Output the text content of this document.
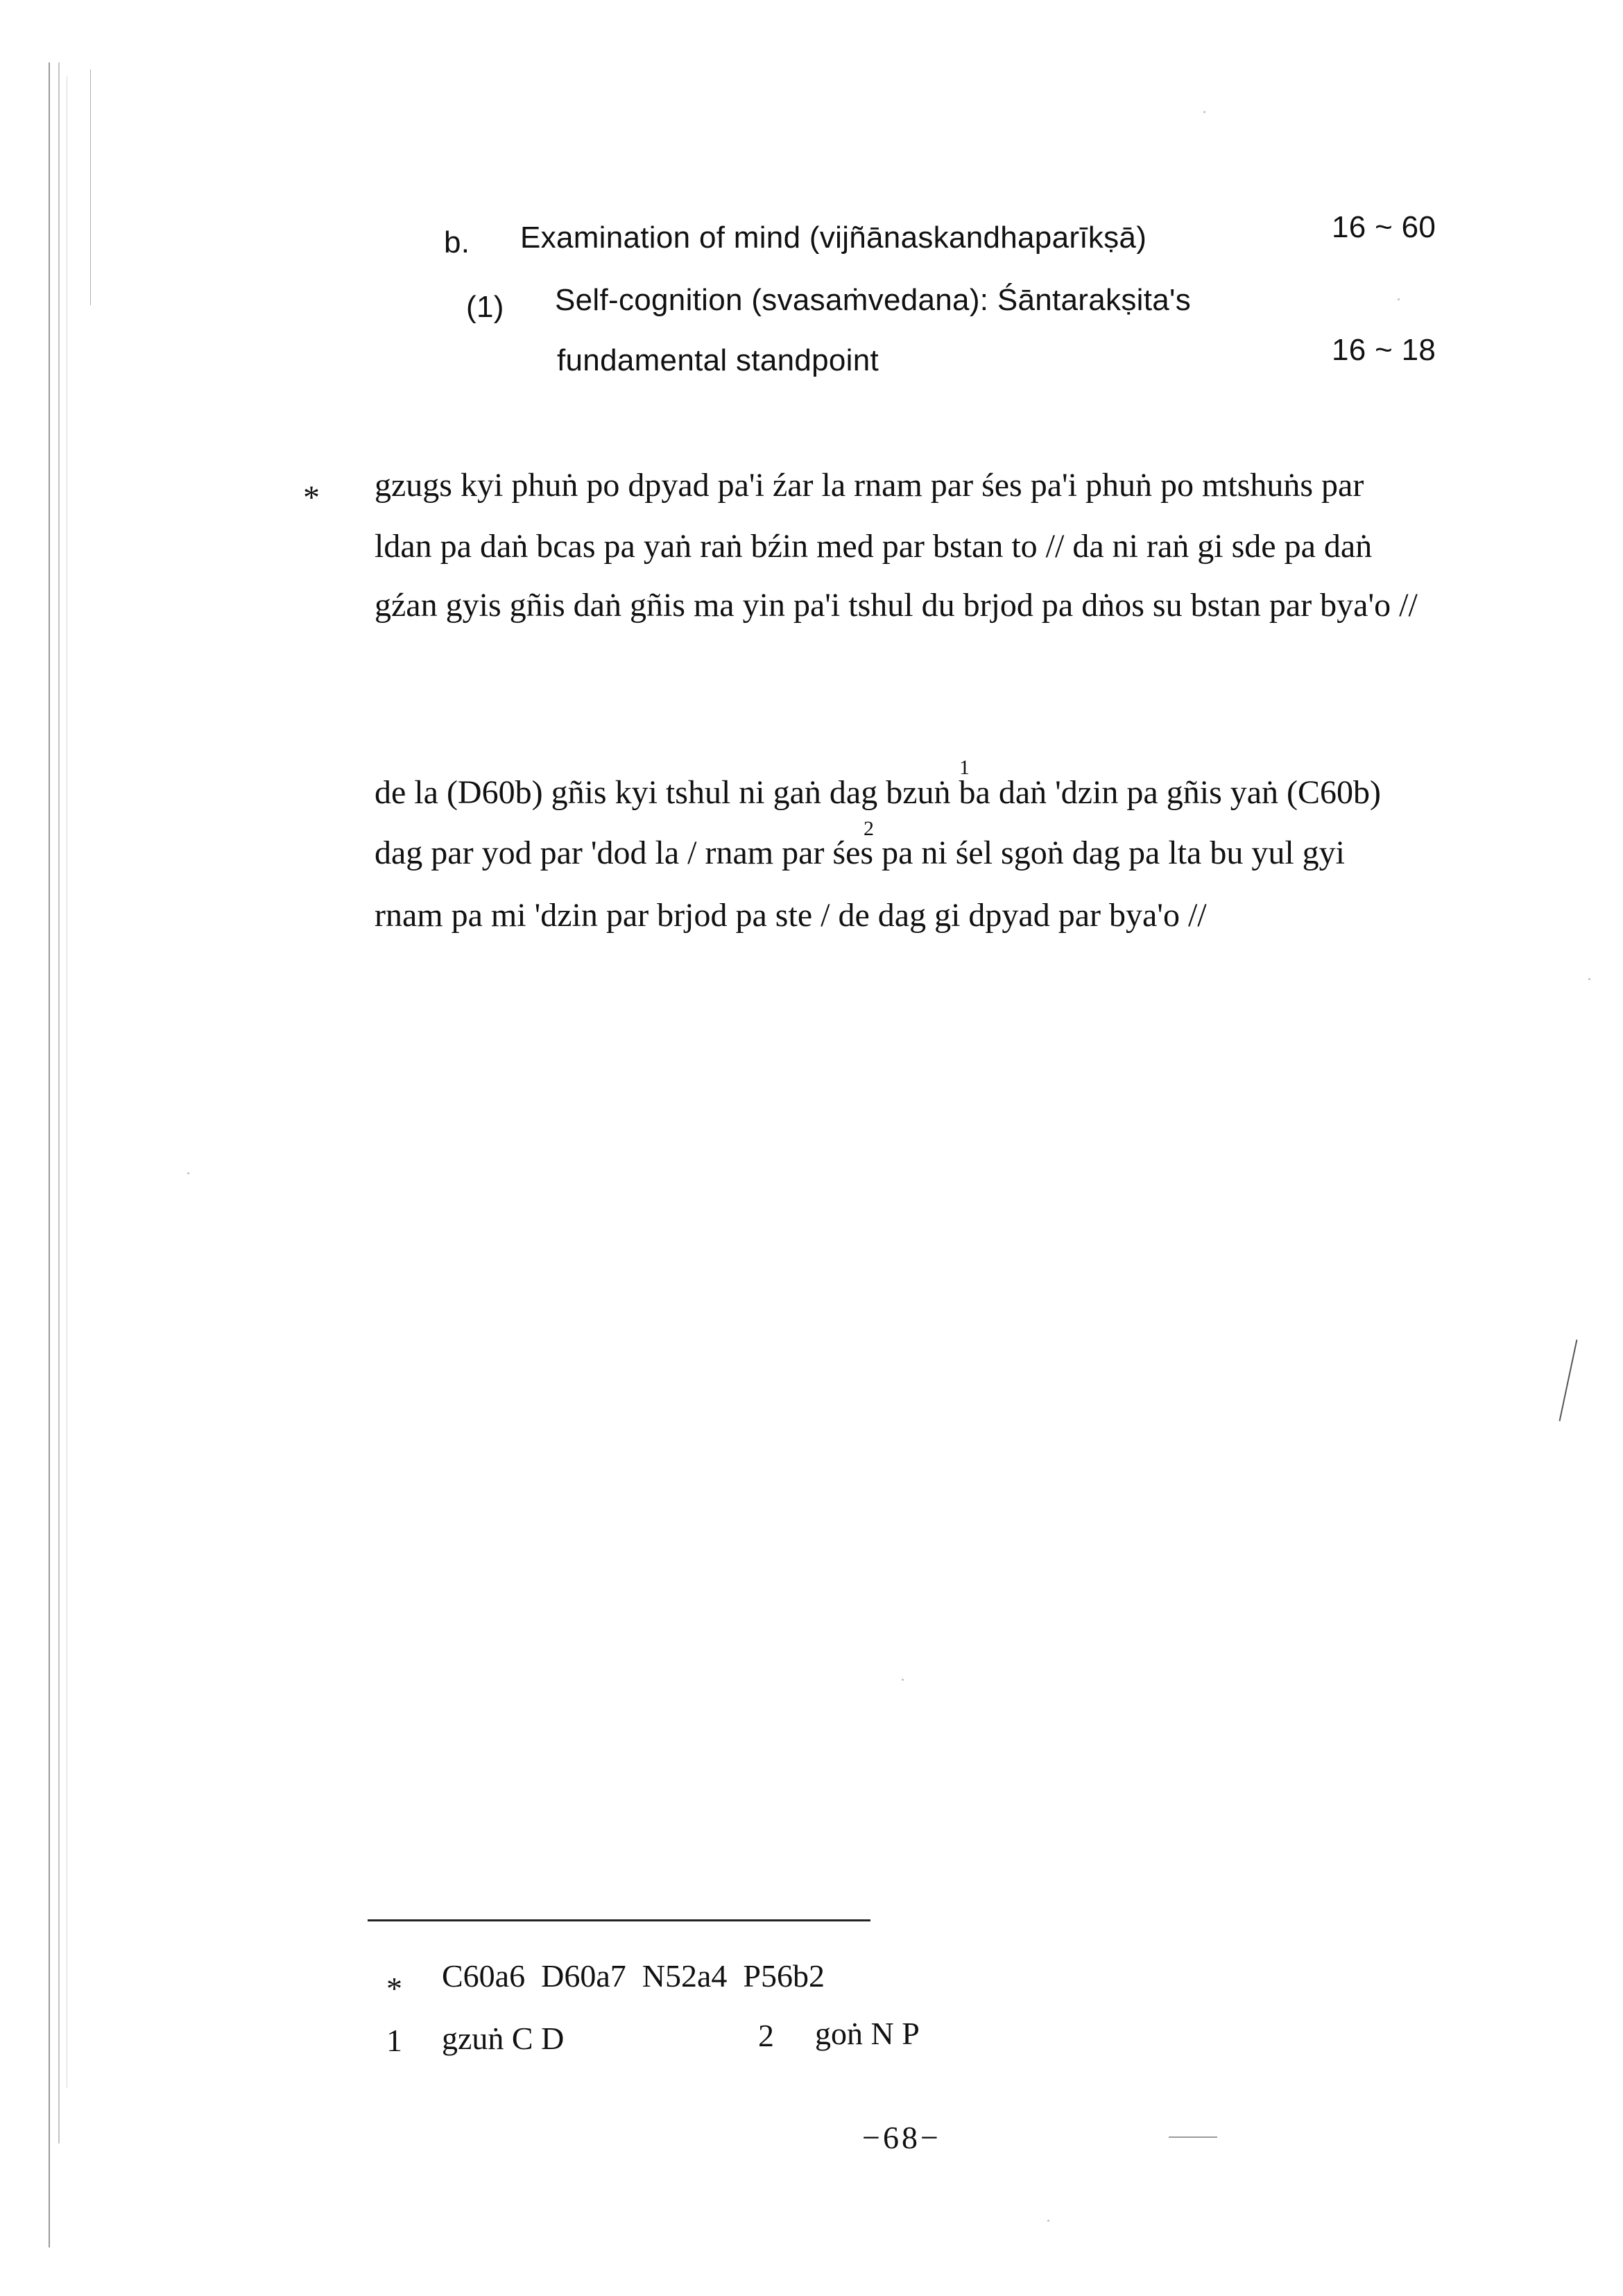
b. Examination of mind (vijñānaskandhaparīkṣā)	16 ~ 60
(1) Self-cognition (svasaṁvedana): Śāntarakṣita's
fundamental standpoint	16 ~ 18
* gzugs kyi phuṅ po dpyad pa'i źar la rnam par śes pa'i phuṅ po mtshuṅs par
ldan pa daṅ bcas pa yaṅ raṅ bźin med par bstan to // da ni raṅ gi sde pa daṅ
gźan gyis gñis daṅ gñis ma yin pa'i tshul du brjod pa dṅos su bstan par bya'o //
1
de la (D60b) gñis kyi tshul ni gaṅ dag bzuṅ ba daṅ 'dzin pa gñis yaṅ (C60b)
2
dag par yod par 'dod la / rnam par śes pa ni śel sgoṅ dag pa lta bu yul gyi
rnam pa mi 'dzin par brjod pa ste / de dag gi dpyad par bya'o //
* C60a6  D60a7  N52a4  P56b2
1 gzuṅ C D	2 goṅ N P
−68−
